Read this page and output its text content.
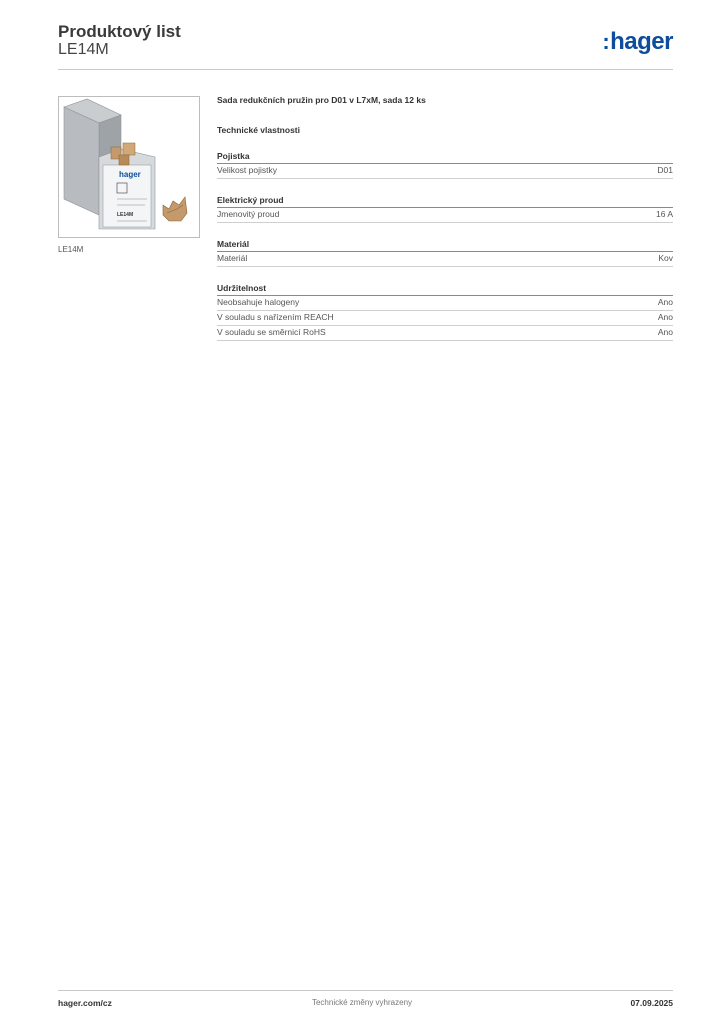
Produktový list
LE14M	:hager
hager
LE14M
LE14M
Sada redukčních pružin pro D01 v L7xM, sada 12 ks
Technické vlastnosti
Pojistka
Velikost pojistky	D01
Elektrický proud
Jmenovitý proud	16 A
Materiál
Materiál	Kov
Udržitelnost
Neobsahuje halogeny	Ano
V souladu s nařízením REACH	Ano
V souladu se směrnicí RoHS	Ano
hager.com/cz	Technické změny vyhrazeny	07.09.2025
